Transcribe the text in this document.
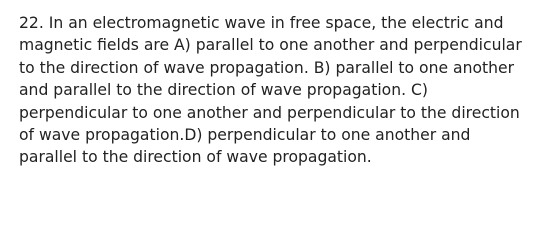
22. In an electromagnetic wave in free space, the electric and
magnetic fields are A) parallel to one another and perpendicular
to the direction of wave propagation. B) parallel to one another
and parallel to the direction of wave propagation. C)
perpendicular to one another and perpendicular to the direction
of wave propagation.D) perpendicular to one another and
parallel to the direction of wave propagation.
